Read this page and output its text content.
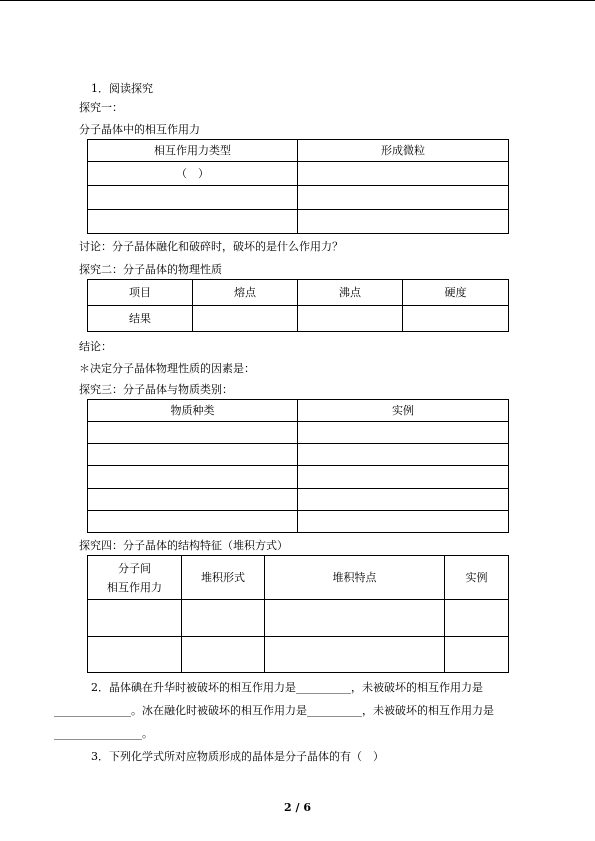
1．阅读探究
探究一：
分子晶体中的相互作用力
相互作用力类型	形成微粒
（　）	

讨论：分子晶体融化和破碎时，破坏的是什么作用力？
探究二：分子晶体的物理性质
项目	熔点	沸点	硬度
结果			
结论：
＊决定分子晶体物理性质的因素是：
探究三：分子晶体与物质类别：
物质种类	实例

探究四：分子晶体的结构特征（堆积方式）
分子间
相互作用力	堆积形式	堆积特点	实例

2．晶体碘在升华时被破坏的相互作用力是__________，未被破坏的相互作用力是
______________。冰在融化时被破坏的相互作用力是__________，未被破坏的相互作用力是
________________。
3．下列化学式所对应物质形成的晶体是分子晶体的有（　）
2 / 6
